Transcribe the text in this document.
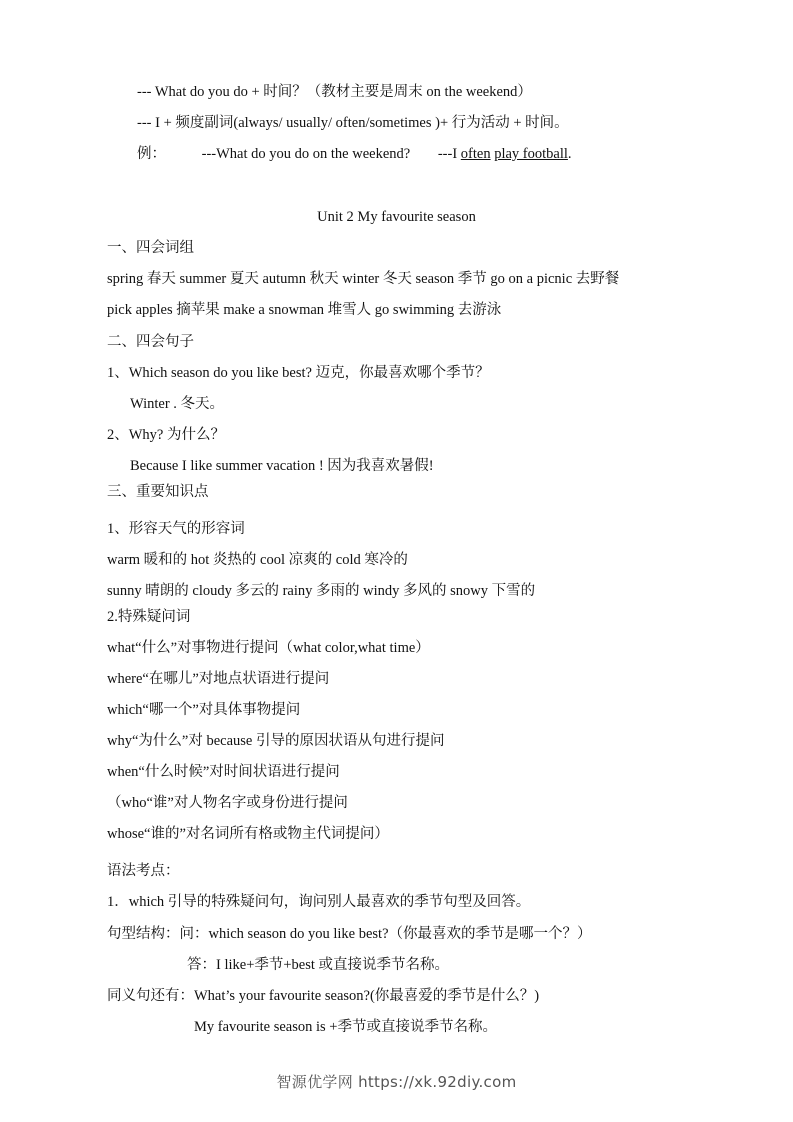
--- What do you do + 时间？（教材主要是周末 on the weekend）
--- I + 频度副词(always/ usually/ often/sometimes )+ 行为活动 + 时间。
例： ---What do you do on the weekend? ---I often play football.
Unit 2 My favourite season
一、四会词组
spring 春天 summer 夏天 autumn 秋天 winter 冬天 season 季节 go on a picnic 去野餐
pick apples 摘苹果 make a snowman 堆雪人 go swimming 去游泳
二、四会句子
1、Which season do you like best? 迈克，你最喜欢哪个季节？
Winter . 冬天。
2、Why? 为什么？
Because I like summer vacation ! 因为我喜欢暑假!
三、重要知识点
1、形容天气的形容词
warm 暖和的 hot 炎热的 cool 凉爽的 cold 寒冷的
sunny 晴朗的 cloudy 多云的 rainy 多雨的 windy 多风的 snowy 下雪的
2.特殊疑问词
what“什么”对事物进行提问（what color,what time）
where“在哪儿”对地点状语进行提问
which“哪一个”对具体事物提问
why“为什么”对 because 引导的原因状语从句进行提问
when“什么时候”对时间状语进行提问
（who“谁”对人物名字或身份进行提问
whose“谁的”对名词所有格或物主代词提问）
语法考点：
1．which 引导的特殊疑问句，询问别人最喜欢的季节句型及回答。
句型结构：问：which season do you like best?（你最喜欢的季节是哪一个？）
答：I like+季节+best 或直接说季节名称。
同义句还有：What’s your favourite season?(你最喜爱的季节是什么？)
My favourite season is +季节或直接说季节名称。
智源优学网 https://xk.92diy.com
